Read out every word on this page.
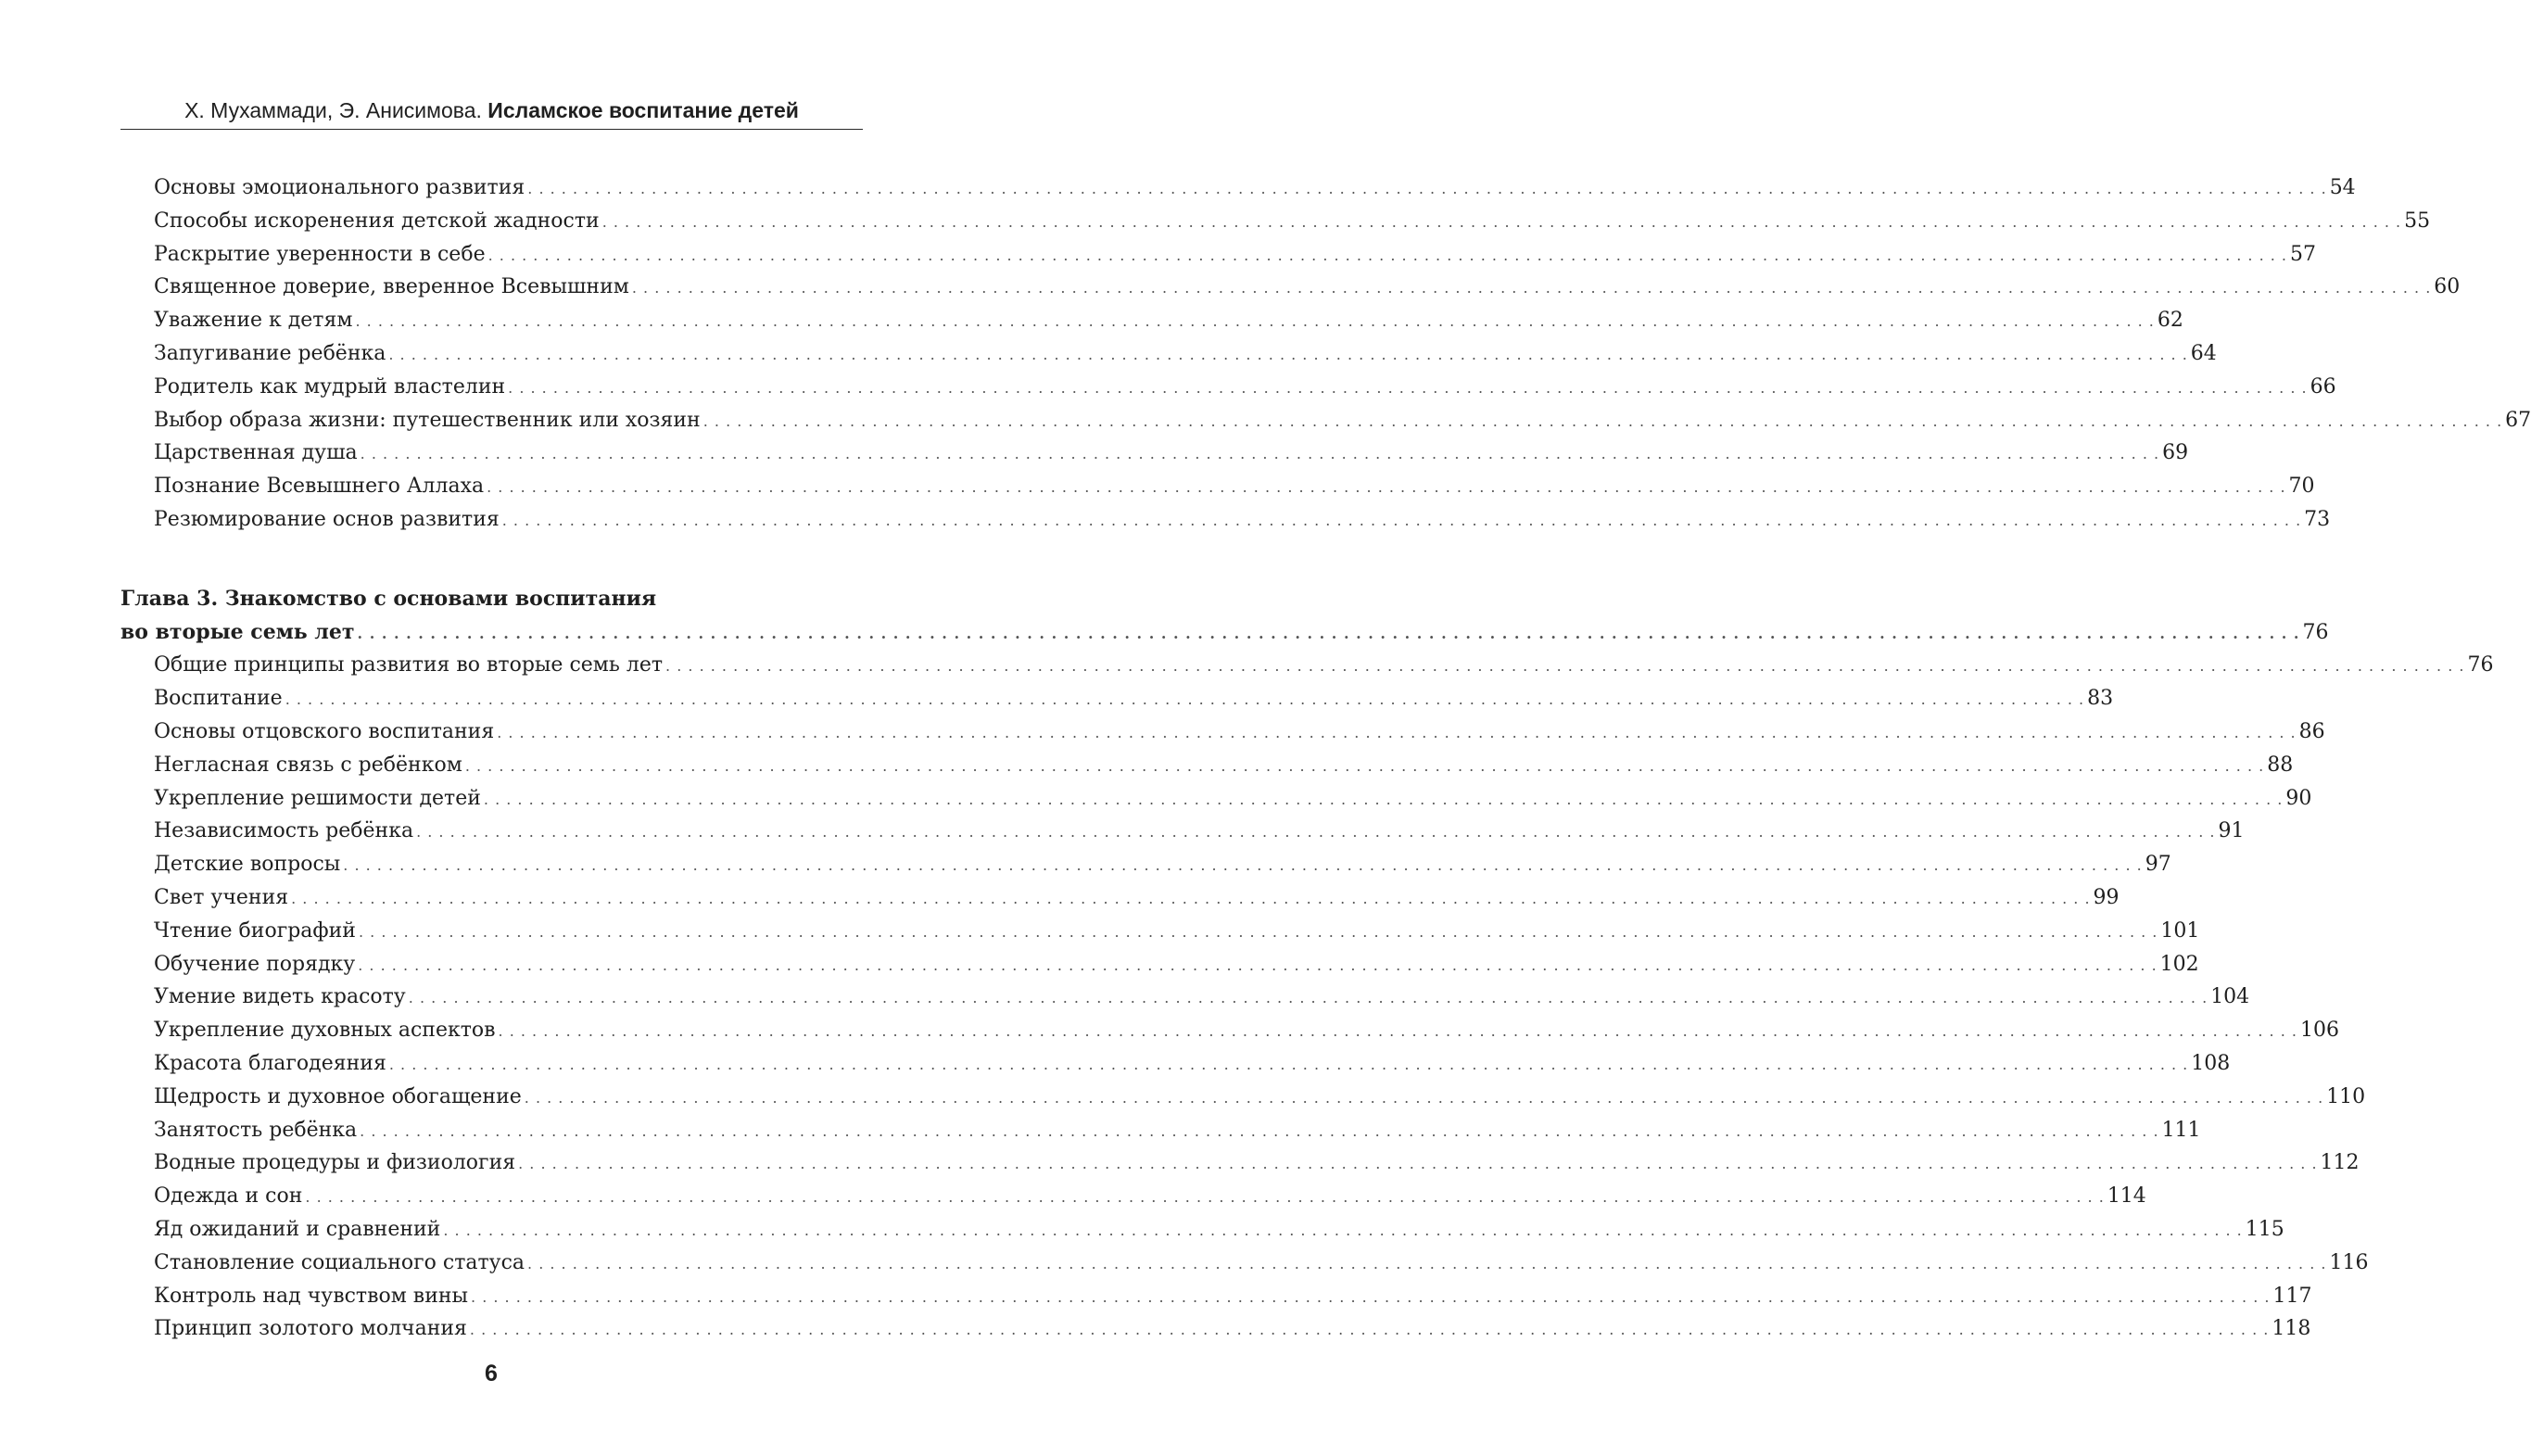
Х. Мухаммади, Э. Анисимова. Исламское воспитание детей
Основы эмоционального развития . . . . . . . . . . . . . . . . . . . . . . . . . . . . . . . . . . . . . . . . . . . . . . . . . . . . . . . . . . . . . . . . . . . . . . . . . . . . . . . . . . . . . . . . . . . . . . . . . . . . . . . . . . . . . . . . . . . . . . . . . . . . . . . . . . . . . . . . . . . . . . . . . . . . . . . . . . . . . . . . 54
Способы искоренения детской жадности . . . . . . . . . . . . . . . . . . . . . . . . . . . . . . . . . . . . . . . . . . . . . . . . . . . . . . . . . . . . . . . . . . . . . . . . . . . . . . . . . . . . . . . . . . . . . . . . . . . . . . . . . . . . . . . . . . . . . . . . . . . . . . . . . . . . . . . . . . . . . . . . . . . . . . . . . . . . . . . . 55
Раскрытие уверенности в себе . . . . . . . . . . . . . . . . . . . . . . . . . . . . . . . . . . . . . . . . . . . . . . . . . . . . . . . . . . . . . . . . . . . . . . . . . . . . . . . . . . . . . . . . . . . . . . . . . . . . . . . . . . . . . . . . . . . . . . . . . . . . . . . . . . . . . . . . . . . . . . . . . . . . . . . . . . . . . . . . 57
Священное доверие, вверенное Всевышним . . . . . . . . . . . . . . . . . . . . . . . . . . . . . . . . . . . . . . . . . . . . . . . . . . . . . . . . . . . . . . . . . . . . . . . . . . . . . . . . . . . . . . . . . . . . . . . . . . . . . . . . . . . . . . . . . . . . . . . . . . . . . . . . . . . . . . . . . . . . . . . . . . . . . . . . . . . . . . . . 60
Уважение к детям . . . . . . . . . . . . . . . . . . . . . . . . . . . . . . . . . . . . . . . . . . . . . . . . . . . . . . . . . . . . . . . . . . . . . . . . . . . . . . . . . . . . . . . . . . . . . . . . . . . . . . . . . . . . . . . . . . . . . . . . . . . . . . . . . . . . . . . . . . . . . . . . . . . . . . . . . . . . . . . . 62
Запугивание ребёнка . . . . . . . . . . . . . . . . . . . . . . . . . . . . . . . . . . . . . . . . . . . . . . . . . . . . . . . . . . . . . . . . . . . . . . . . . . . . . . . . . . . . . . . . . . . . . . . . . . . . . . . . . . . . . . . . . . . . . . . . . . . . . . . . . . . . . . . . . . . . . . . . . . . . . . . . . . . . . . . . 64
Родитель как мудрый властелин . . . . . . . . . . . . . . . . . . . . . . . . . . . . . . . . . . . . . . . . . . . . . . . . . . . . . . . . . . . . . . . . . . . . . . . . . . . . . . . . . . . . . . . . . . . . . . . . . . . . . . . . . . . . . . . . . . . . . . . . . . . . . . . . . . . . . . . . . . . . . . . . . . . . . . . . . . . . . . . . 66
Выбор образа жизни: путешественник или хозяин . . . . . . . . . . . . . . . . . . . . . . . . . . . . . . . . . . . . . . . . . . . . . . . . . . . . . . . . . . . . . . . . . . . . . . . . . . . . . . . . . . . . . . . . . . . . . . . . . . . . . . . . . . . . . . . . . . . . . . . . . . . . . . . . . . . . . . . . . . . . . . . . . . . . . . . . . . . . . . . . 67
Царственная душа . . . . . . . . . . . . . . . . . . . . . . . . . . . . . . . . . . . . . . . . . . . . . . . . . . . . . . . . . . . . . . . . . . . . . . . . . . . . . . . . . . . . . . . . . . . . . . . . . . . . . . . . . . . . . . . . . . . . . . . . . . . . . . . . . . . . . . . . . . . . . . . . . . . . . . . . . . . . . . . . 69
Познание Всевышнего Аллаха . . . . . . . . . . . . . . . . . . . . . . . . . . . . . . . . . . . . . . . . . . . . . . . . . . . . . . . . . . . . . . . . . . . . . . . . . . . . . . . . . . . . . . . . . . . . . . . . . . . . . . . . . . . . . . . . . . . . . . . . . . . . . . . . . . . . . . . . . . . . . . . . . . . . . . . . . . . . . . . . 70
Резюмирование основ развития . . . . . . . . . . . . . . . . . . . . . . . . . . . . . . . . . . . . . . . . . . . . . . . . . . . . . . . . . . . . . . . . . . . . . . . . . . . . . . . . . . . . . . . . . . . . . . . . . . . . . . . . . . . . . . . . . . . . . . . . . . . . . . . . . . . . . . . . . . . . . . . . . . . . . . . . . . . . . . . . 73
Глава 3. Знакомство с основами воспитания
во вторые семь лет . . . . . . . . . . . . . . . . . . . . . . . . . . . . . . . . . . . . . . . . . . . . . . . . . . . . . . . . . . . . . . . . . . . . . . . . . . . . . . . . . . . . . . . . . . . . . . . . . . . . . . . . . . . . . . . . . . . . . . . . . . . . . . . . . . . . . . . . . . . . . . . . . . . . . . . . . . . . . . . . 76
Общие принципы развития во вторые семь лет . . . . . . . . . . . . . . . . . . . . . . . . . . . . . . . . . . . . . . . . . . . . . . . . . . . . . . . . . . . . . . . . . . . . . . . . . . . . . . . . . . . . . . . . . . . . . . . . . . . . . . . . . . . . . . . . . . . . . . . . . . . . . . . . . . . . . . . . . . . . . . . . . . . . . . . . . . . . . . . . 76
Воспитание . . . . . . . . . . . . . . . . . . . . . . . . . . . . . . . . . . . . . . . . . . . . . . . . . . . . . . . . . . . . . . . . . . . . . . . . . . . . . . . . . . . . . . . . . . . . . . . . . . . . . . . . . . . . . . . . . . . . . . . . . . . . . . . . . . . . . . . . . . . . . . . . . . . . . . . . . . . . . . . . 83
Основы отцовского воспитания . . . . . . . . . . . . . . . . . . . . . . . . . . . . . . . . . . . . . . . . . . . . . . . . . . . . . . . . . . . . . . . . . . . . . . . . . . . . . . . . . . . . . . . . . . . . . . . . . . . . . . . . . . . . . . . . . . . . . . . . . . . . . . . . . . . . . . . . . . . . . . . . . . . . . . . . . . . . . . . . 86
Негласная связь с ребёнком . . . . . . . . . . . . . . . . . . . . . . . . . . . . . . . . . . . . . . . . . . . . . . . . . . . . . . . . . . . . . . . . . . . . . . . . . . . . . . . . . . . . . . . . . . . . . . . . . . . . . . . . . . . . . . . . . . . . . . . . . . . . . . . . . . . . . . . . . . . . . . . . . . . . . . . . . . . . . . . . 88
Укрепление решимости детей . . . . . . . . . . . . . . . . . . . . . . . . . . . . . . . . . . . . . . . . . . . . . . . . . . . . . . . . . . . . . . . . . . . . . . . . . . . . . . . . . . . . . . . . . . . . . . . . . . . . . . . . . . . . . . . . . . . . . . . . . . . . . . . . . . . . . . . . . . . . . . . . . . . . . . . . . . . . . . . . 90
Независимость ребёнка . . . . . . . . . . . . . . . . . . . . . . . . . . . . . . . . . . . . . . . . . . . . . . . . . . . . . . . . . . . . . . . . . . . . . . . . . . . . . . . . . . . . . . . . . . . . . . . . . . . . . . . . . . . . . . . . . . . . . . . . . . . . . . . . . . . . . . . . . . . . . . . . . . . . . . . . . . . . . . . . 91
Детские вопросы . . . . . . . . . . . . . . . . . . . . . . . . . . . . . . . . . . . . . . . . . . . . . . . . . . . . . . . . . . . . . . . . . . . . . . . . . . . . . . . . . . . . . . . . . . . . . . . . . . . . . . . . . . . . . . . . . . . . . . . . . . . . . . . . . . . . . . . . . . . . . . . . . . . . . . . . . . . . . . . . 97
Свет учения . . . . . . . . . . . . . . . . . . . . . . . . . . . . . . . . . . . . . . . . . . . . . . . . . . . . . . . . . . . . . . . . . . . . . . . . . . . . . . . . . . . . . . . . . . . . . . . . . . . . . . . . . . . . . . . . . . . . . . . . . . . . . . . . . . . . . . . . . . . . . . . . . . . . . . . . . . . . . . . . 99
Чтение биографий . . . . . . . . . . . . . . . . . . . . . . . . . . . . . . . . . . . . . . . . . . . . . . . . . . . . . . . . . . . . . . . . . . . . . . . . . . . . . . . . . . . . . . . . . . . . . . . . . . . . . . . . . . . . . . . . . . . . . . . . . . . . . . . . . . . . . . . . . . . . . . . . . . . . . . . . . . . . . . . . 101
Обучение порядку . . . . . . . . . . . . . . . . . . . . . . . . . . . . . . . . . . . . . . . . . . . . . . . . . . . . . . . . . . . . . . . . . . . . . . . . . . . . . . . . . . . . . . . . . . . . . . . . . . . . . . . . . . . . . . . . . . . . . . . . . . . . . . . . . . . . . . . . . . . . . . . . . . . . . . . . . . . . . . . . 102
Умение видеть красоту . . . . . . . . . . . . . . . . . . . . . . . . . . . . . . . . . . . . . . . . . . . . . . . . . . . . . . . . . . . . . . . . . . . . . . . . . . . . . . . . . . . . . . . . . . . . . . . . . . . . . . . . . . . . . . . . . . . . . . . . . . . . . . . . . . . . . . . . . . . . . . . . . . . . . . . . . . . . . . . . 104
Укрепление духовных аспектов . . . . . . . . . . . . . . . . . . . . . . . . . . . . . . . . . . . . . . . . . . . . . . . . . . . . . . . . . . . . . . . . . . . . . . . . . . . . . . . . . . . . . . . . . . . . . . . . . . . . . . . . . . . . . . . . . . . . . . . . . . . . . . . . . . . . . . . . . . . . . . . . . . . . . . . . . . . . . . . . 106
Красота благодеяния . . . . . . . . . . . . . . . . . . . . . . . . . . . . . . . . . . . . . . . . . . . . . . . . . . . . . . . . . . . . . . . . . . . . . . . . . . . . . . . . . . . . . . . . . . . . . . . . . . . . . . . . . . . . . . . . . . . . . . . . . . . . . . . . . . . . . . . . . . . . . . . . . . . . . . . . . . . . . . . . 108
Щедрость и духовное обогащение . . . . . . . . . . . . . . . . . . . . . . . . . . . . . . . . . . . . . . . . . . . . . . . . . . . . . . . . . . . . . . . . . . . . . . . . . . . . . . . . . . . . . . . . . . . . . . . . . . . . . . . . . . . . . . . . . . . . . . . . . . . . . . . . . . . . . . . . . . . . . . . . . . . . . . . . . . . . . . . . 110
Занятость ребёнка . . . . . . . . . . . . . . . . . . . . . . . . . . . . . . . . . . . . . . . . . . . . . . . . . . . . . . . . . . . . . . . . . . . . . . . . . . . . . . . . . . . . . . . . . . . . . . . . . . . . . . . . . . . . . . . . . . . . . . . . . . . . . . . . . . . . . . . . . . . . . . . . . . . . . . . . . . . . . . . . 111
Водные процедуры и физиология . . . . . . . . . . . . . . . . . . . . . . . . . . . . . . . . . . . . . . . . . . . . . . . . . . . . . . . . . . . . . . . . . . . . . . . . . . . . . . . . . . . . . . . . . . . . . . . . . . . . . . . . . . . . . . . . . . . . . . . . . . . . . . . . . . . . . . . . . . . . . . . . . . . . . . . . . . . . . . . . 112
Одежда и сон . . . . . . . . . . . . . . . . . . . . . . . . . . . . . . . . . . . . . . . . . . . . . . . . . . . . . . . . . . . . . . . . . . . . . . . . . . . . . . . . . . . . . . . . . . . . . . . . . . . . . . . . . . . . . . . . . . . . . . . . . . . . . . . . . . . . . . . . . . . . . . . . . . . . . . . . . . . . . . . . 114
Яд ожиданий и сравнений . . . . . . . . . . . . . . . . . . . . . . . . . . . . . . . . . . . . . . . . . . . . . . . . . . . . . . . . . . . . . . . . . . . . . . . . . . . . . . . . . . . . . . . . . . . . . . . . . . . . . . . . . . . . . . . . . . . . . . . . . . . . . . . . . . . . . . . . . . . . . . . . . . . . . . . . . . . . . . . . 115
Становление социального статуса . . . . . . . . . . . . . . . . . . . . . . . . . . . . . . . . . . . . . . . . . . . . . . . . . . . . . . . . . . . . . . . . . . . . . . . . . . . . . . . . . . . . . . . . . . . . . . . . . . . . . . . . . . . . . . . . . . . . . . . . . . . . . . . . . . . . . . . . . . . . . . . . . . . . . . . . . . . . . . . . 116
Контроль над чувством вины . . . . . . . . . . . . . . . . . . . . . . . . . . . . . . . . . . . . . . . . . . . . . . . . . . . . . . . . . . . . . . . . . . . . . . . . . . . . . . . . . . . . . . . . . . . . . . . . . . . . . . . . . . . . . . . . . . . . . . . . . . . . . . . . . . . . . . . . . . . . . . . . . . . . . . . . . . . . . . . . 117
Принцип золотого молчания . . . . . . . . . . . . . . . . . . . . . . . . . . . . . . . . . . . . . . . . . . . . . . . . . . . . . . . . . . . . . . . . . . . . . . . . . . . . . . . . . . . . . . . . . . . . . . . . . . . . . . . . . . . . . . . . . . . . . . . . . . . . . . . . . . . . . . . . . . . . . . . . . . . . . . . . . . . . . . . . 118
6
